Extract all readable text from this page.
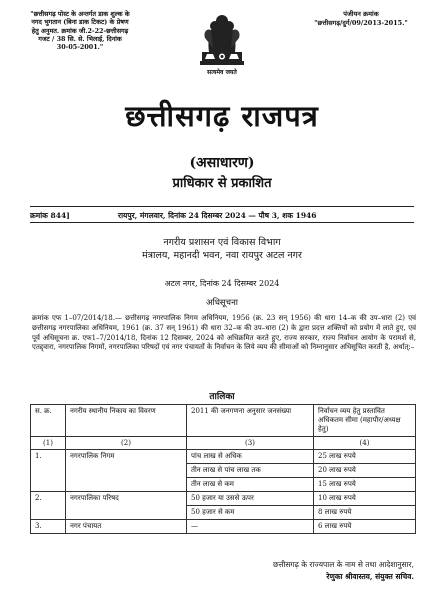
"छत्तीसगढ़ पोस्ट के अन्तर्गत डाक शुल्क के
नगद भुगतान (बिना डाक टिकट) के प्रेषण
हेतु अनुमत. क्रमांक जी.2-22-छत्तीसगढ़
गजट / 38 सि. से. भिलाई, दिनांक
30-05-2001."
सत्यमेव जयते
पंजीयन क्रमांक
"छत्तीसगढ़/दुर्ग/09/2013-2015."
छत्तीसगढ़ राजपत्र
(असाधारण)
प्राधिकार से प्रकाशित
क्रमांक 844]	रायपुर, मंगलवार, दिनांक 24 दिसम्बर 2024 — पौष 3, शक 1946
नगरीय प्रशासन एवं विकास विभाग
मंत्रालय, महानदी भवन, नवा रायपुर अटल नगर
अटल नगर, दिनांक 24 दिसम्बर 2024
अधिसूचना
क्रमांक एफ 1–07/2014/18.— छत्तीसगढ़ नगरपालिक निगम अधिनियम, 1956 (क्र. 23 सन् 1956) की धारा 14–क की उप–धारा (2) एवं छत्तीसगढ़ नगरपालिका अधिनियम, 1961 (क्र. 37 सन् 1961) की धारा 32–क की उप–धारा (2) के द्वारा प्रदत्त शक्तियों को प्रयोग में लाते हुए, एवं पूर्व अधिसूचना क्र. एफ1–7/2014/18, दिनांक 12 दिसम्बर, 2024 को अधिक्रमित करते हुए, राज्य सरकार, राज्य निर्वाचन आयोग के परामर्श से, एतद्द्वारा, नगरपालिक निगमों, नगरपालिका परिषदों एवं नगर पंचायतों के निर्वाचन के लिये व्यय की सीमाओं को निम्नानुसार अधिसूचित करती है, अर्थात्:–
तालिका
स. क्र.	नगरीय स्थानीय निकाय का विवरण	2011 की जनगणना अनुसार जनसंख्या	निर्वाचन व्यय हेतु प्रस्तावित अधिकतम सीमा (महापौर/अध्यक्ष हेतु)
(1)	(2)	(3)	(4)
1.	नगरपालिक निगम	पांच लाख से अधिक	25 लाख रुपये
		तीन लाख से पांच लाख तक	20 लाख रुपये
		तीन लाख से कम	15 लाख रुपये
2.	नगरपालिका परिषद	50 हजार या उससे ऊपर	10 लाख रुपये
		50 हजार से कम	8 लाख रुपये
3.	नगर पंचायत	—	6 लाख रुपये
छत्तीसगढ़ के राज्यपाल के नाम से तथा आदेशानुसार,
रेणुका श्रीवास्तव, संयुक्त सचिव.
